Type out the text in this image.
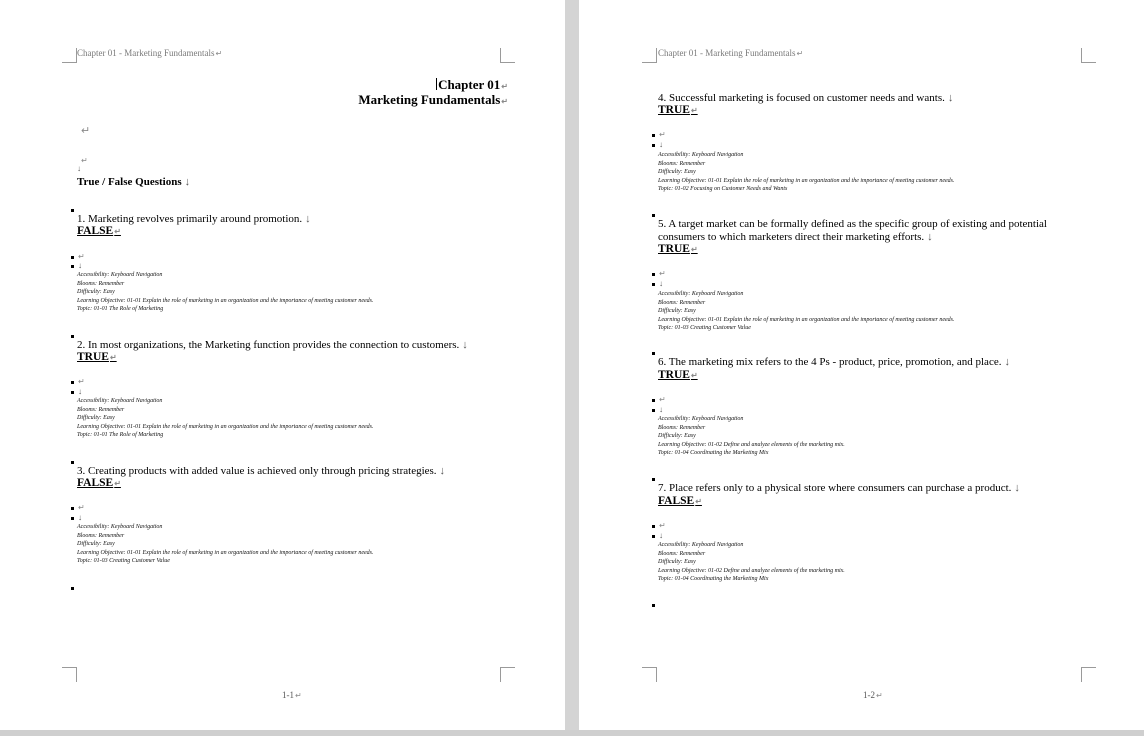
Chapter 01 - Marketing Fundamentals↵
Chapter 01↵
Marketing Fundamentals↵
↵
↵
↓
True / False Questions ↓
1. Marketing revolves primarily around promotion. ↓
FALSE↵
↵
↓
Accessibility: Keyboard Navigation
Blooms: Remember
Difficulty: Easy
Learning Objective: 01-01 Explain the role of marketing in an organization and the importance of meeting customer needs.
Topic: 01-01 The Role of Marketing
2. In most organizations, the Marketing function provides the connection to customers. ↓
TRUE↵
↵
↓
Accessibility: Keyboard Navigation
Blooms: Remember
Difficulty: Easy
Learning Objective: 01-01 Explain the role of marketing in an organization and the importance of meeting customer needs.
Topic: 01-01 The Role of Marketing
3. Creating products with added value is achieved only through pricing strategies. ↓
FALSE↵
↵
↓
Accessibility: Keyboard Navigation
Blooms: Remember
Difficulty: Easy
Learning Objective: 01-01 Explain the role of marketing in an organization and the importance of meeting customer needs.
Topic: 01-03 Creating Customer Value
1-1↵
Chapter 01 - Marketing Fundamentals↵
4. Successful marketing is focused on customer needs and wants. ↓
TRUE↵
↵
↓
Accessibility: Keyboard Navigation
Blooms: Remember
Difficulty: Easy
Learning Objective: 01-01 Explain the role of marketing in an organization and the importance of meeting customer needs.
Topic: 01-02 Focusing on Customer Needs and Wants
5. A target market can be formally defined as the specific group of existing and potential consumers to which marketers direct their marketing efforts. ↓
TRUE↵
↵
↓
Accessibility: Keyboard Navigation
Blooms: Remember
Difficulty: Easy
Learning Objective: 01-01 Explain the role of marketing in an organization and the importance of meeting customer needs.
Topic: 01-03 Creating Customer Value
6. The marketing mix refers to the 4 Ps - product, price, promotion, and place. ↓
TRUE↵
↵
↓
Accessibility: Keyboard Navigation
Blooms: Remember
Difficulty: Easy
Learning Objective: 01-02 Define and analyze elements of the marketing mix.
Topic: 01-04 Coordinating the Marketing Mix
7. Place refers only to a physical store where consumers can purchase a product. ↓
FALSE↵
↵
↓
Accessibility: Keyboard Navigation
Blooms: Remember
Difficulty: Easy
Learning Objective: 01-02 Define and analyze elements of the marketing mix.
Topic: 01-04 Coordinating the Marketing Mix
1-2↵
